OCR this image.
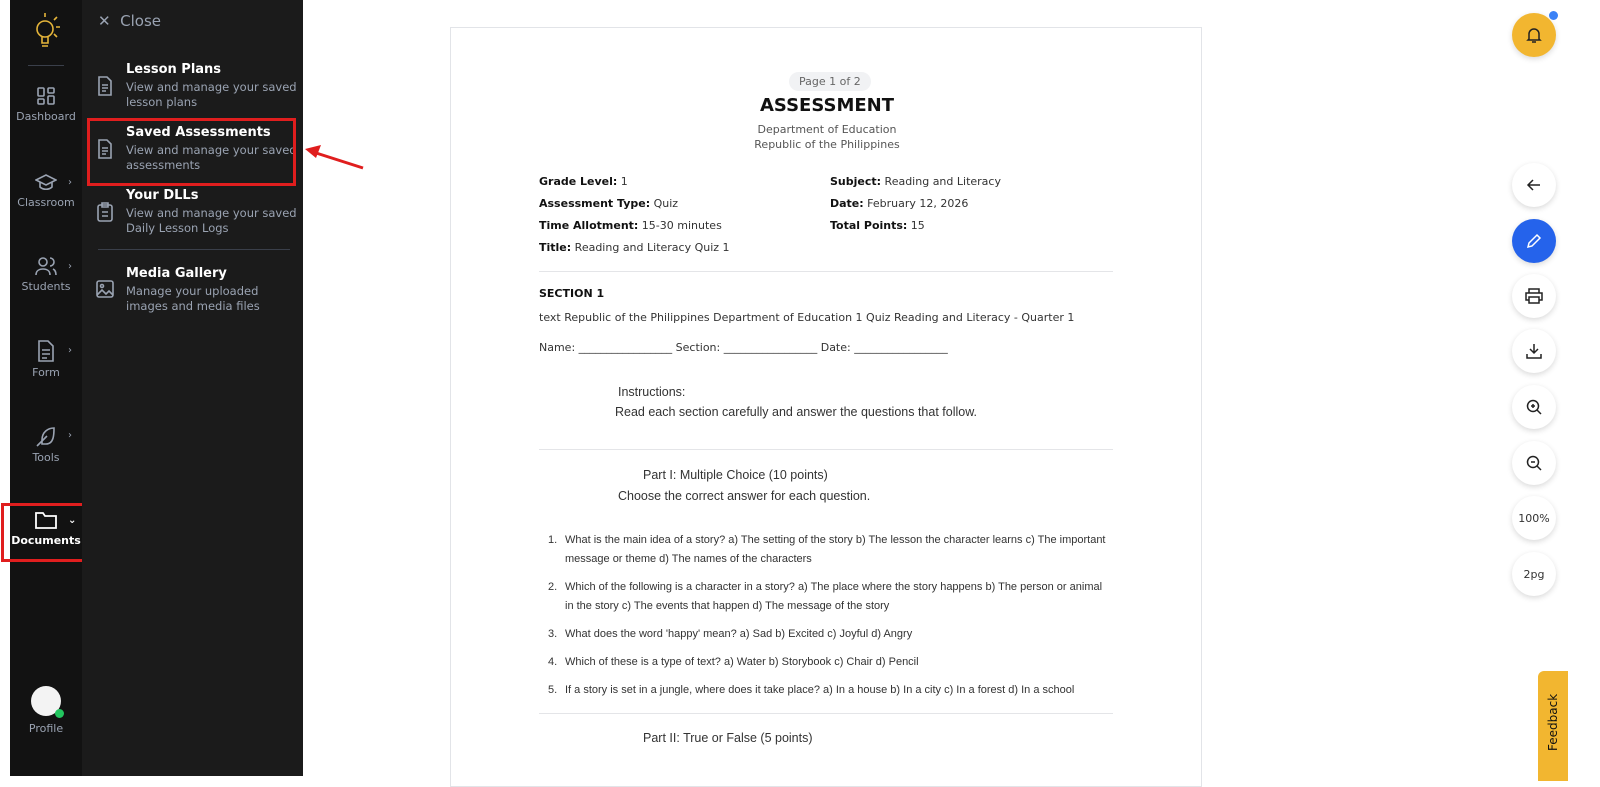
Dashboard
Classroom
›
Students
›
Form
›
Tools
›
Documents
⌄
Profile
✕ Close
Lesson Plans
View and manage your saved lesson plans
Saved Assessments
View and manage your saved assessments
Your DLLs
View and manage your saved Daily Lesson Logs
Media Gallery
Manage your uploaded images and media files
Page 1 of 2
ASSESSMENT
Department of Education
Republic of the Philippines
Grade Level: 1	Subject: Reading and Literacy
Assessment Type: Quiz	Date: February 12, 2026
Time Allotment: 15-30 minutes	Total Points: 15
Title: Reading and Literacy Quiz 1
SECTION 1
text Republic of the Philippines Department of Education 1 Quiz Reading and Literacy - Quarter 1
Name: _________________ Section: _________________ Date: _________________
Instructions:
Read each section carefully and answer the questions that follow.
Part I: Multiple Choice (10 points)
Choose the correct answer for each question.
1. What is the main idea of a story? a) The setting of the story b) The lesson the character learns c) The important message or theme d) The names of the characters
2. Which of the following is a character in a story? a) The place where the story happens b) The person or animal in the story c) The events that happen d) The message of the story
3. What does the word 'happy' mean? a) Sad b) Excited c) Joyful d) Angry
4. Which of these is a type of text? a) Water b) Storybook c) Chair d) Pencil
5. If a story is set in a jungle, where does it take place? a) In a house b) In a city c) In a forest d) In a school
Part II: True or False (5 points)
100%
2pg
Feedback
